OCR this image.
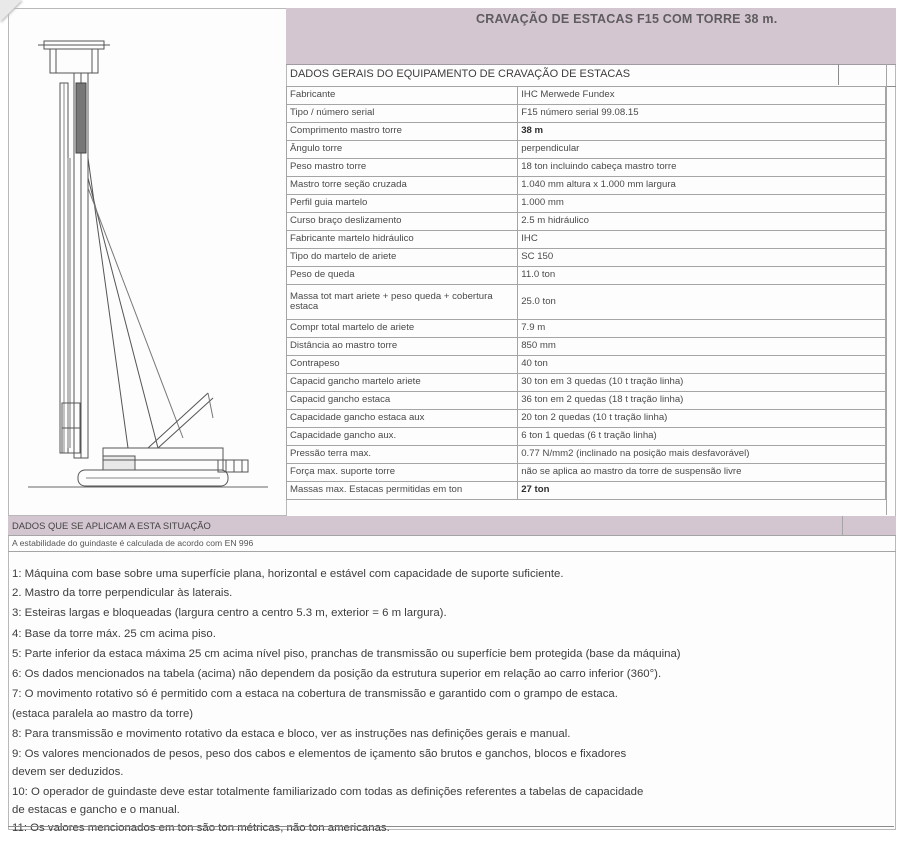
CRAVAÇÃO DE ESTACAS F15 COM TORRE 38 m.
DADOS GERAIS DO EQUIPAMENTO DE CRAVAÇÃO DE ESTACAS
Fabricante	IHC Merwede Fundex
Tipo / número serial	F15 número serial 99.08.15
Comprimento mastro torre	38 m
Ângulo torre	perpendicular
Peso mastro torre	18 ton incluindo cabeça mastro torre
Mastro torre seção cruzada	1.040 mm altura x 1.000 mm largura
Perfil guia martelo	1.000 mm
Curso braço deslizamento	2.5 m hidráulico
Fabricante martelo hidráulico	IHC
Tipo do martelo de ariete	SC 150
Peso de queda	11.0 ton
Massa tot mart ariete + peso queda + cobertura estaca	25.0 ton
Compr total martelo de ariete	7.9 m
Distância ao mastro torre	850 mm
Contrapeso	40 ton
Capacid gancho martelo ariete	30 ton em 3 quedas (10 t tração linha)
Capacid gancho estaca	36 ton em 2 quedas (18 t tração linha)
Capacidade gancho estaca aux	20 ton 2 quedas (10 t tração linha)
Capacidade gancho aux.	6 ton 1 quedas (6 t tração linha)
Pressão terra max.	0.77 N/mm2 (inclinado na posição mais desfavorável)
Força max. suporte torre	não se aplica ao mastro da torre de suspensão livre
Massas max. Estacas permitidas em ton	27 ton
DADOS QUE SE APLICAM A ESTA SITUAÇÃO
A estabilidade do guindaste é calculada de acordo com EN 996
1: Máquina com base sobre uma superfície plana, horizontal e estável com capacidade de suporte suficiente.
2. Mastro da torre perpendicular às laterais.
3: Esteiras largas e bloqueadas (largura centro a centro 5.3 m, exterior = 6 m largura).
4: Base da torre máx. 25 cm acima piso.
5: Parte inferior da estaca máxima 25 cm acima nível piso, pranchas de transmissão ou superfície bem protegida (base da máquina)
6: Os dados mencionados na tabela (acima) não dependem da posição da estrutura superior em relação ao carro inferior (360°).
7: O movimento rotativo só é permitido com a estaca na cobertura de transmissão e garantido com o grampo de estaca.
(estaca paralela ao mastro da torre)
8: Para transmissão e movimento rotativo da estaca e bloco, ver as instruções nas definições gerais e manual.
9: Os valores mencionados de pesos, peso dos cabos e elementos de içamento são brutos e ganchos, blocos e fixadores
devem ser deduzidos.
10: O operador de guindaste deve estar totalmente familiarizado com todas as definições referentes a tabelas de capacidade
de estacas e gancho e o manual.
11: Os valores mencionados em ton são ton métricas, não ton americanas.
